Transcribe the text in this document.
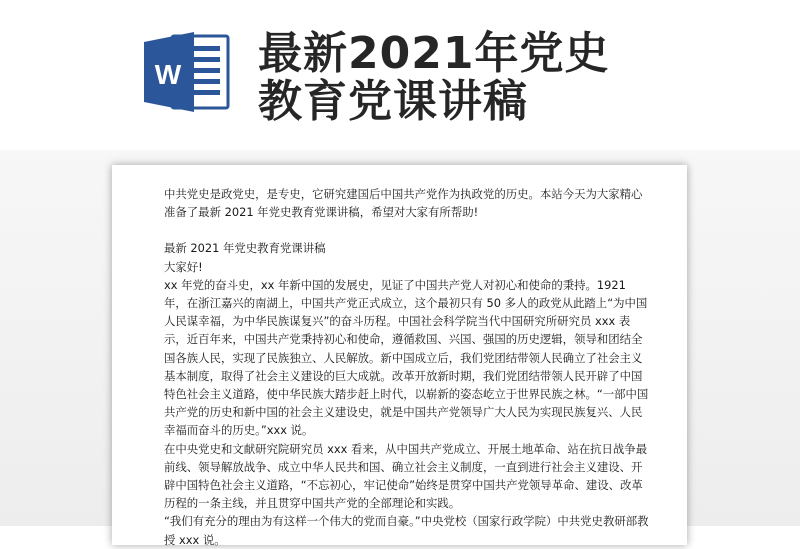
W 最新2021年党史
教育党课讲稿

中共党史是政党史，是专史，它研究建国后中国共产党作为执政党的历史。本站今天为大家精心准备了最新 2021 年党史教育党课讲稿，希望对大家有所帮助!

最新 2021 年党史教育党课讲稿

大家好!

xx 年党的奋斗史，xx 年新中国的发展史，见证了中国共产党人对初心和使命的秉持。1921 年，在浙江嘉兴的南湖上，中国共产党正式成立，这个最初只有 50 多人的政党从此踏上“为中国人民谋幸福，为中华民族谋复兴”的奋斗历程。中国社会科学院当代中国研究所研究员 xxx 表示，近百年来，中国共产党秉持初心和使命，遵循救国、兴国、强国的历史逻辑，领导和团结全国各族人民，实现了民族独立、人民解放。新中国成立后，我们党团结带领人民确立了社会主义基本制度，取得了社会主义建设的巨大成就。改革开放新时期，我们党团结带领人民开辟了中国特色社会主义道路，使中华民族大踏步赶上时代，以崭新的姿态屹立于世界民族之林。“一部中国共产党的历史和新中国的社会主义建设史，就是中国共产党领导广大人民为实现民族复兴、人民幸福而奋斗的历史。”xxx 说。

在中央党史和文献研究院研究员 xxx 看来，从中国共产党成立、开展土地革命、站在抗日战争最前线、领导解放战争、成立中华人民共和国、确立社会主义制度，一直到进行社会主义建设、开辟中国特色社会主义道路，“不忘初心，牢记使命”始终是贯穿中国共产党领导革命、建设、改革历程的一条主线，并且贯穿中国共产党的全部理论和实践。

“我们有充分的理由为有这样一个伟大的党而自豪。”中央党校（国家行政学院）中共党史教研部教授 xxx 说。
